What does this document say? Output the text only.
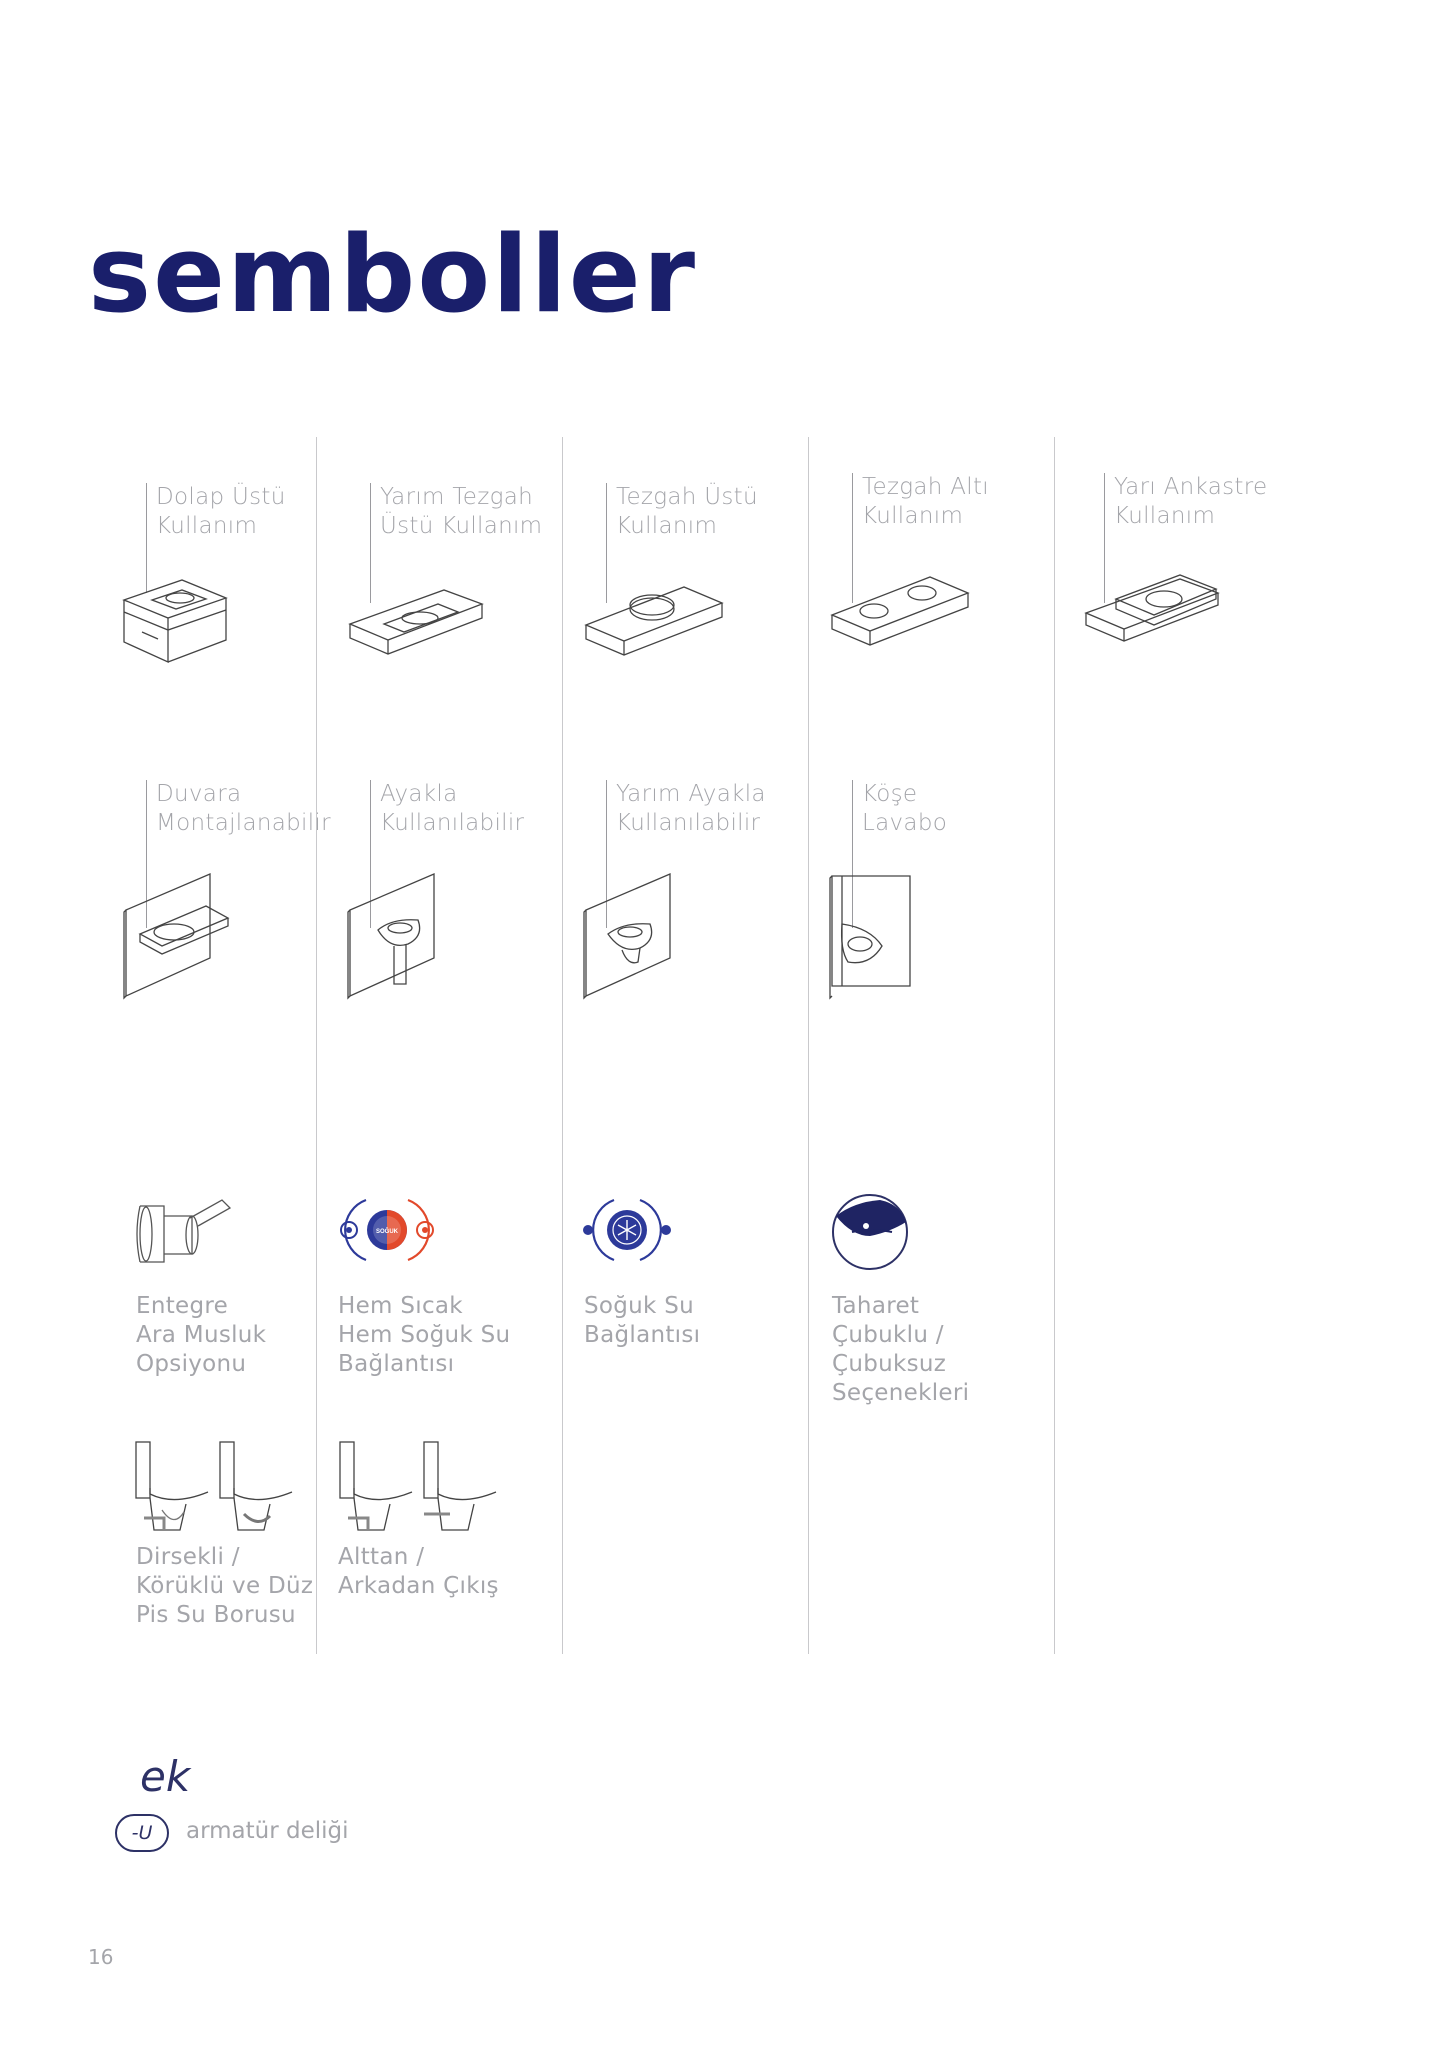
semboller
Dolap Üstü
Kullanım
Yarım Tezgah
Üstü Kullanım
Tezgah Üstü
Kullanım
Tezgah Altı
Kullanım
Yarı Ankastre
Kullanım
Duvara
Montajlanabilir
Ayakla
Kullanılabilir
Yarım Ayakla
Kullanılabilir
Köşe
Lavabo
Entegre
Ara Musluk
Opsiyonu
SOĞUK
Hem Sıcak
Hem Soğuk Su
Bağlantısı
Soğuk Su
Bağlantısı
Taharet
Çubuklu /
Çubuksuz
Seçenekleri
Dirsekli /
Körüklü ve Düz
Pis Su Borusu
Alttan /
Arkadan Çıkış
ek
-U	armatür deliği
16
